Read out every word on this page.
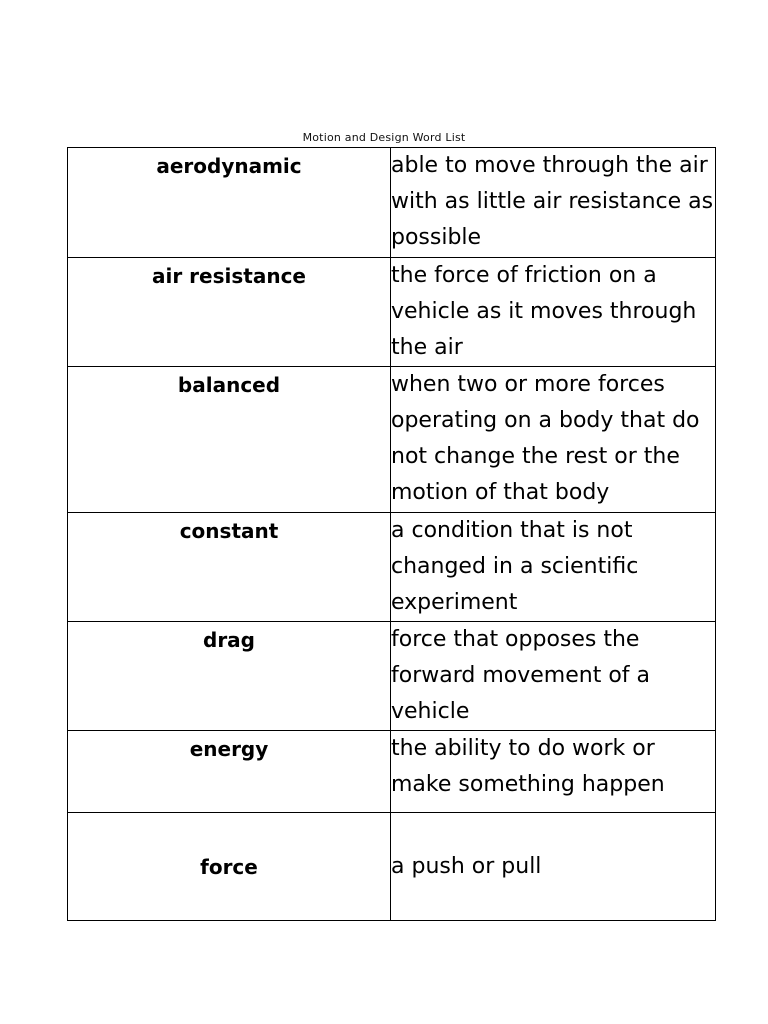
Motion and Design Word List
aerodynamic	able to move through the air with as little air resistance as possible
air resistance	the force of friction on a vehicle as it moves through the air
balanced	when two or more forces operating on a body that do not change the rest or the motion of that body
constant	a condition that is not changed in a scientific experiment
drag	force that opposes the forward movement of a vehicle
energy	the ability to do work or make something happen
force	a push or pull
